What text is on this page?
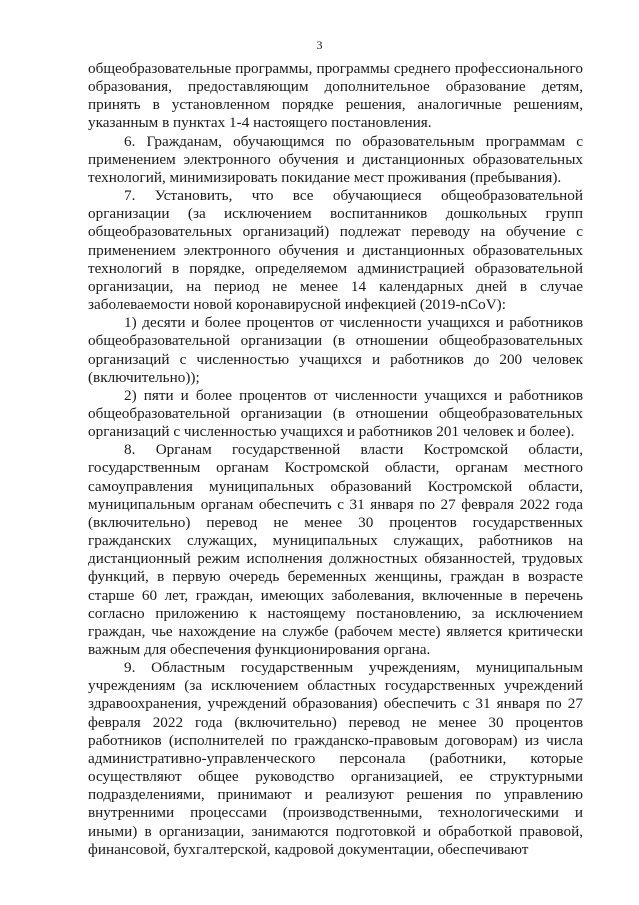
3

общеобразовательные программы, программы среднего профессионального образования, предоставляющим дополнительное образование детям, принять в установленном порядке решения, аналогичные решениям, указанным в пунктах 1-4 настоящего постановления.

6. Гражданам, обучающимся по образовательным программам с применением электронного обучения и дистанционных образовательных технологий, минимизировать покидание мест проживания (пребывания).

7. Установить, что все обучающиеся общеобразовательной организации (за исключением воспитанников дошкольных групп общеобразовательных организаций) подлежат переводу на обучение с применением электронного обучения и дистанционных образовательных технологий в порядке, определяемом администрацией образовательной организации, на период не менее 14 календарных дней в случае заболеваемости новой коронавирусной инфекцией (2019-nCoV):

1) десяти и более процентов от численности учащихся и работников общеобразовательной организации (в отношении общеобразовательных организаций с численностью учащихся и работников до 200 человек (включительно));

2) пяти и более процентов от численности учащихся и работников общеобразовательной организации (в отношении общеобразовательных организаций с численностью учащихся и работников 201 человек и более).

8. Органам государственной власти Костромской области, государственным органам Костромской области, органам местного самоуправления муниципальных образований Костромской области, муниципальным органам обеспечить с 31 января по 27 февраля 2022 года (включительно) перевод не менее 30 процентов государственных гражданских служащих, муниципальных служащих, работников на дистанционный режим исполнения должностных обязанностей, трудовых функций, в первую очередь беременных женщины, граждан в возрасте старше 60 лет, граждан, имеющих заболевания, включенные в перечень согласно приложению к настоящему постановлению, за исключением граждан, чье нахождение на службе (рабочем месте) является критически важным для обеспечения функционирования органа.

9. Областным государственным учреждениям, муниципальным учреждениям (за исключением областных государственных учреждений здравоохранения, учреждений образования) обеспечить с 31 января по 27 февраля 2022 года (включительно) перевод не менее 30 процентов работников (исполнителей по гражданско-правовым договорам) из числа административно-управленческого персонала (работники, которые осуществляют общее руководство организацией, ее структурными подразделениями, принимают и реализуют решения по управлению внутренними процессами (производственными, технологическими и иными) в организации, занимаются подготовкой и обработкой правовой, финансовой, бухгалтерской, кадровой документации, обеспечивают
